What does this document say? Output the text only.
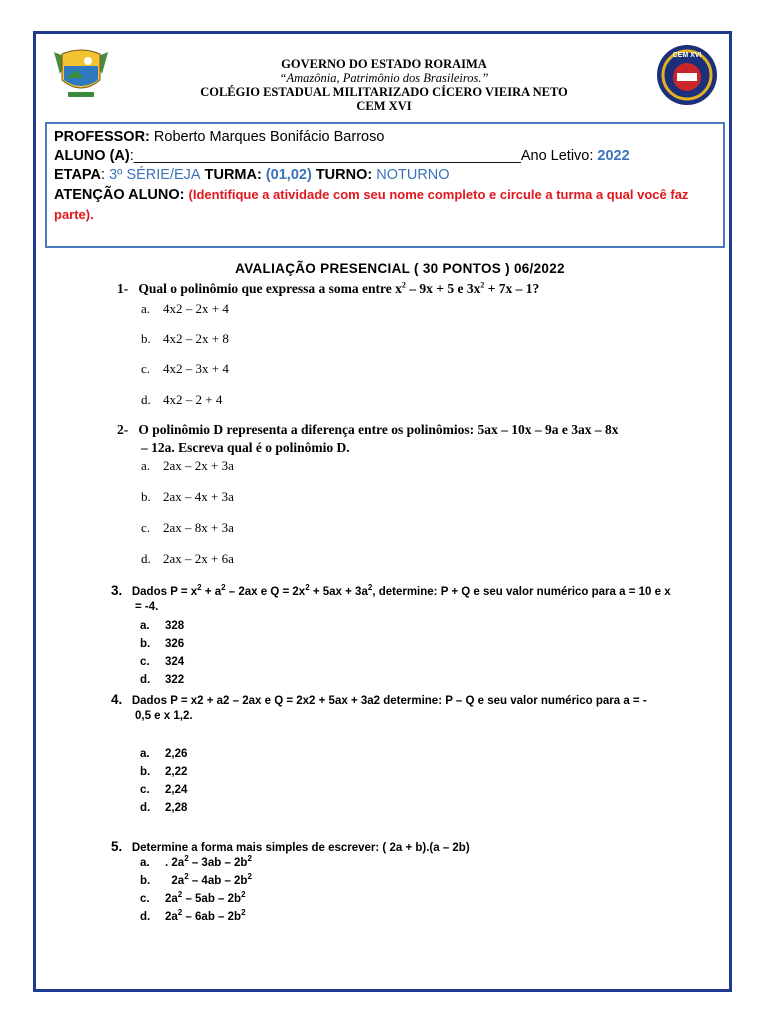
CEM XVI
GOVERNO DO ESTADO RORAIMA
“Amazônia, Patrimônio dos Brasileiros.”
COLÉGIO ESTADUAL MILITARIZADO CÍCERO VIEIRA NETO
CEM XVI
PROFESSOR: Roberto Marques Bonifácio Barroso
ALUNO (A):________________________________________________Ano Letivo: 2022
ETAPA: 3º SÉRIE/EJA TURMA: (01,02) TURNO: NOTURNO
ATENÇÃO ALUNO: (Identifique a atividade com seu nome completo e circule a turma a qual você faz parte).
AVALIAÇÃO PRESENCIAL ( 30 PONTOS ) 06/2022
1- Qual o polinômio que expressa a soma entre $x^2 - 9x + 5$ e $3x^2 + 7x - 1$?
a. 4x2 – 2x + 4
b. 4x2 – 2x + 8
c. 4x2 – 3x + 4
d. 4x2 – 2 + 4
2- O polinômio D representa a diferença entre os polinômios: 5ax – 10x – 9a e 3ax – 8x
– 12a. Escreva qual é o polinômio D.
a. 2ax – 2x + 3a
b. 2ax – 4x + 3a
c. 2ax – 8x + 3a
d. 2ax – 2x + 6a
3. Dados $P = x^2 + a^2 - 2ax$ e $Q = 2x^2 + 5ax + 3a^2$, determine: P + Q e seu valor numérico para a = 10 e x
= -4.
a. 328
b. 326
c. 324
d. 322
4. Dados P = x2 + a2 – 2ax e Q = 2x2 + 5ax + 3a2 determine: P – Q e seu valor numérico para a = -
0,5 e x 1,2.
a. 2,26
b. 2,22
c. 2,24
d. 2,28
5. Determine a forma mais simples de escrever: ( 2a + b).(a – 2b)
a. . $2a^2 - 3ab - 2b^2$
b.  $2a^2 - 4ab - 2b^2$
c. $2a^2 - 5ab - 2b^2$
d. $2a^2 - 6ab - 2b^2$
